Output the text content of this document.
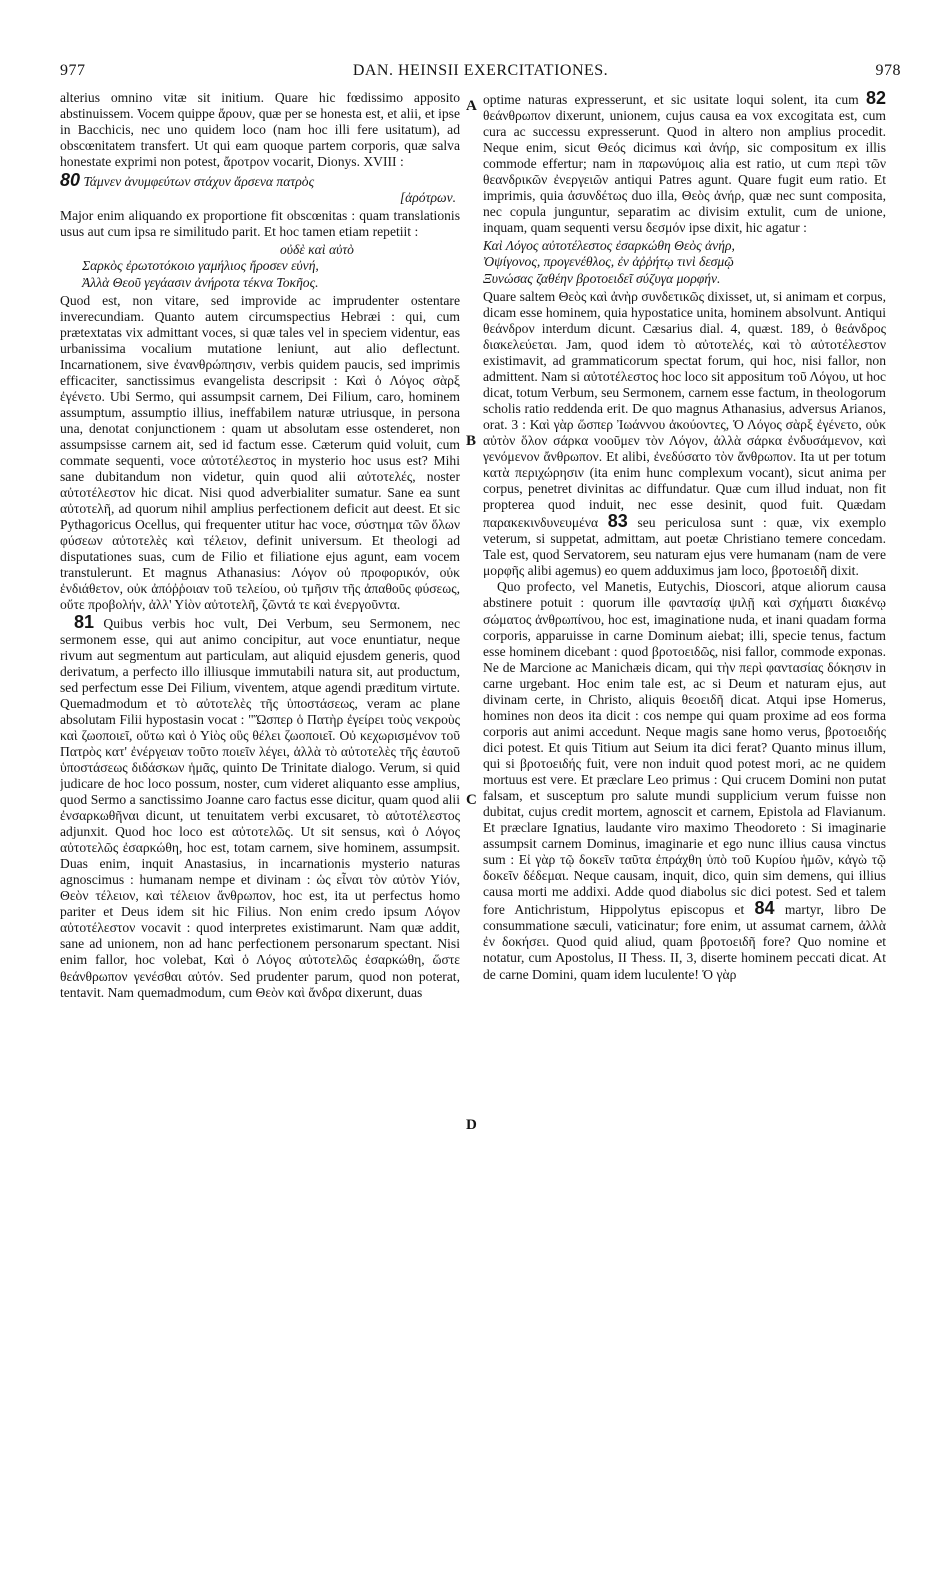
977	DAN. HEINSII EXERCITATIONES.	978
A
B
C
D

alterius omnino vitæ sit initium. Quare hic fœdissimo apposito abstinuissem. Vocem quippe ἄρουν, quæ per se honesta est, et alii, et ipse in Bacchicis, nec uno quidem loco (nam hoc illi fere usitatum), ad obscœnitatem transfert. Ut qui eam quoque partem corporis, quæ salva honestate exprimi non potest, ἄροτρον vocarit, Dionys. XVIII :

80 Τάμνεν ἀνυμφεύτων στάχυν ἄρσενα πατρὸς
[ἀρότρων.

Major enim aliquando ex proportione fit obscœnitas : quam translationis usus aut cum ipsa re similitudo parit. Et hoc tamen etiam repetiit :

οὐδὲ καὶ αὐτὸ
Σαρκὸς ἐρωτοτόκοιο γαμήλιος ἤροσεν εὐνή,
Ἀλλὰ Θεοῦ γεγάασιν ἀνήροτα τέκνα Τοκῆος.

Quod est, non vitare, sed improvide ac imprudenter ostentare inverecundiam. Quanto autem circumspectius Hebræi : qui, cum prætextatas vix admittant voces, si quæ tales vel in speciem videntur, eas urbanissima vocalium mutatione leniunt, aut alio deflectunt. Incarnationem, sive ἐνανθρώπησιν, verbis quidem paucis, sed imprimis efficaciter, sanctissimus evangelista descripsit : Καὶ ὁ Λόγος σὰρξ ἐγένετο. Ubi Sermo, qui assumpsit carnem, Dei Filium, caro, hominem assumptum, assumptio illius, ineffabilem naturæ utriusque, in persona una, denotat conjunctionem : quam ut absolutam esse ostenderet, non assumpsisse carnem ait, sed id factum esse. Cæterum quid voluit, cum commate sequenti, voce αὐτοτέλεστος in mysterio hoc usus est? Mihi sane dubitandum non videtur, quin quod alii αὐτοτελές, noster αὐτοτέλεστον hic dicat. Nisi quod adverbialiter sumatur. Sane ea sunt αὐτοτελῆ, ad quorum nihil amplius perfectionem deficit aut deest. Et sic Pythagoricus Ocellus, qui frequenter utitur hac voce, σύστημα τῶν ὅλων φύσεων αὐτοτελὲς καὶ τέλειον, definit universum. Et theologi ad disputationes suas, cum de Filio et filiatione ejus agunt, eam vocem transtulerunt. Et magnus Athanasius: Λόγον οὐ προφορικόν, οὐκ ἐνδιάθετον, οὐκ ἀπόῤῥοιαν τοῦ τελείου, οὐ τμῆσιν τῆς ἀπαθοῦς φύσεως, οὔτε προβολήν, ἀλλ' Υἱὸν αὐτοτελῆ, ζῶντά τε καὶ ἐνεργοῦντα.

81 Quibus verbis hoc vult, Dei Verbum, seu Sermonem, nec sermonem esse, qui aut animo concipitur, aut voce enuntiatur, neque rivum aut segmentum aut particulam, aut aliquid ejusdem generis, quod derivatum, a perfecto illo illiusque immutabili natura sit, aut productum, sed perfectum esse Dei Filium, viventem, atque agendi præditum virtute. Quemadmodum et τὸ αὐτοτελὲς τῆς ὑποστάσεως, veram ac plane absolutam Filii hypostasin vocat : "Ὥσπερ ὁ Πατὴρ ἐγείρει τοὺς νεκροὺς καὶ ζωοποιεῖ, οὕτω καὶ ὁ Υἱὸς οὓς θέλει ζωοποιεῖ. Οὐ κεχωρισμένον τοῦ Πατρὸς κατ' ἐνέργειαν τοῦτο ποιεῖν λέγει, ἀλλὰ τὸ αὐτοτελὲς τῆς ἑαυτοῦ ὑποστάσεως διδάσκων ἡμᾶς, quinto De Trinitate dialogo. Verum, si quid judicare de hoc loco possum, noster, cum videret aliquanto esse amplius, quod Sermo a sanctissimo Joanne caro factus esse dicitur, quam quod alii ἐνσαρκωθῆναι dicunt, ut tenuitatem verbi excusaret, τὸ αὐτοτέλεστος adjunxit. Quod hoc loco est αὐτοτελῶς. Ut sit sensus, καὶ ὁ Λόγος αὐτοτελῶς ἐσαρκώθη, hoc est, totam carnem, sive hominem, assumpsit. Duas enim, inquit Anastasius, in incarnationis mysterio naturas agnoscimus : humanam nempe et divinam : ὡς εἶναι τὸν αὐτὸν Υἱόν, Θεὸν τέλειον, καὶ τέλειον ἄνθρωπον, hoc est, ita ut perfectus homo pariter et Deus idem sit hic Filius. Non enim credo ipsum Λόγον αὐτοτέλεστον vocavit : quod interpretes existimarunt. Nam quæ addit, sane ad unionem, non ad hanc perfectionem personarum spectant. Nisi enim fallor, hoc volebat, Καὶ ὁ Λόγος αὐτοτελῶς ἐσαρκώθη, ὥστε θεάνθρωπον γενέσθαι αὐτόν. Sed prudenter parum, quod non poterat, tentavit. Nam quemadmodum, cum Θεὸν καὶ ἄνδρα dixerunt, duas

optime naturas expresserunt, et sic usitate loqui solent, ita cum 82 θεάνθρωπον dixerunt, unionem, cujus causa ea vox excogitata est, cum cura ac successu expresserunt. Quod in altero non amplius procedit. Neque enim, sicut Θεός dicimus καὶ ἀνήρ, sic compositum ex illis commode effertur; nam in παρωνύμοις alia est ratio, ut cum περὶ τῶν θεανδρικῶν ἐνεργειῶν antiqui Patres agunt. Quare fugit eum ratio. Et imprimis, quia ἀσυνδέτως duo illa, Θεὸς ἀνήρ, quæ nec sunt composita, nec copula junguntur, separatim ac divisim extulit, cum de unione, inquam, quam sequenti versu δεσμόν ipse dixit, hic agatur :

Καὶ Λόγος αὐτοτέλεστος ἐσαρκώθη Θεὸς ἀνήρ,
Ὀψίγονος, προγενέθλος, ἐν ἀῤῥήτῳ τινὶ δεσμῷ
Ξυνώσας ζαθέην βροτοειδεῖ σύζυγα μορφήν.

Quare saltem Θεὸς καὶ ἀνὴρ συνδετικῶς dixisset, ut, si animam et corpus, dicam esse hominem, quia hypostatice unita, hominem absolvunt. Antiqui θεάνδρον interdum dicunt. Cæsarius dial. 4, quæst. 189, ὁ θεάνδρος διακελεύεται. Jam, quod idem τὸ αὐτοτελές, καὶ τὸ αὐτοτέλεστον existimavit, ad grammaticorum spectat forum, qui hoc, nisi fallor, non admittent. Nam si αὐτοτέλεστος hoc loco sit appositum τοῦ Λόγου, ut hoc dicat, totum Verbum, seu Sermonem, carnem esse factum, in theologorum scholis ratio reddenda erit. De quo magnus Athanasius, adversus Arianos, orat. 3 : Καὶ γὰρ ὥσπερ Ἰωάννου ἀκούοντες, Ὁ Λόγος σὰρξ ἐγένετο, οὐκ αὐτὸν ὅλον σάρκα νοοῦμεν τὸν Λόγον, ἀλλὰ σάρκα ἐνδυσάμενον, καὶ γενόμενον ἄνθρωπον. Et alibi, ἐνεδύσατο τὸν ἄνθρωπον. Ita ut per totum κατὰ περιχώρησιν (ita enim hunc complexum vocant), sicut anima per corpus, penetret divinitas ac diffundatur. Quæ cum illud induat, non fit propterea quod induit, nec esse desinit, quod fuit. Quædam παρακεκινδυνευμένα 83 seu periculosa sunt : quæ, vix exemplo veterum, si suppetat, admittam, aut poetæ Christiano temere concedam. Tale est, quod Servatorem, seu naturam ejus vere humanam (nam de vere μορφῆς alibi agemus) eo quem adduximus jam loco, βροτοειδῆ dixit.

Quo profecto, vel Manetis, Eutychis, Dioscori, atque aliorum causa abstinere potuit : quorum ille φαντασίᾳ ψιλῇ καὶ σχήματι διακένῳ σώματος ἀνθρωπίνου, hoc est, imaginatione nuda, et inani quadam forma corporis, apparuisse in carne Dominum aiebat; illi, specie tenus, factum esse hominem dicebant : quod βροτοειδῶς, nisi fallor, commode exponas. Ne de Marcione ac Manichæis dicam, qui τὴν περὶ φαντασίας δόκησιν in carne urgebant. Hoc enim tale est, ac si Deum et naturam ejus, aut divinam certe, in Christo, aliquis θεοειδῆ dicat. Atqui ipse Homerus, homines non deos ita dicit : cos nempe qui quam proxime ad eos forma corporis aut animi accedunt. Neque magis sane homo verus, βροτοειδής dici potest. Et quis Titium aut Seium ita dici ferat? Quanto minus illum, qui si βροτοειδής fuit, vere non induit quod potest mori, ac ne quidem mortuus est vere. Et præclare Leo primus : Qui crucem Domini non putat falsam, et susceptum pro salute mundi supplicium verum fuisse non dubitat, cujus credit mortem, agnoscit et carnem, Epistola ad Flavianum. Et præclare Ignatius, laudante viro maximo Theodoreto : Si imaginarie assumpsit carnem Dominus, imaginarie et ego nunc illius causa vinctus sum : Εἰ γὰρ τῷ δοκεῖν ταῦτα ἐπράχθη ὑπὸ τοῦ Κυρίου ἡμῶν, κἀγὼ τῷ δοκεῖν δέδεμαι. Neque causam, inquit, dico, quin sim demens, qui illius causa morti me addixi. Adde quod diabolus sic dici potest. Sed et talem fore Antichristum, Hippolytus episcopus et 84 martyr, libro De consummatione sæculi, vaticinatur; fore enim, ut assumat carnem, ἀλλὰ ἐν δοκήσει. Quod quid aliud, quam βροτοειδῆ fore? Quo nomine et notatur, cum Apostolus, II Thess. II, 3, diserte hominem peccati dicat. At de carne Domini, quam idem luculente! Ὁ γὰρ
